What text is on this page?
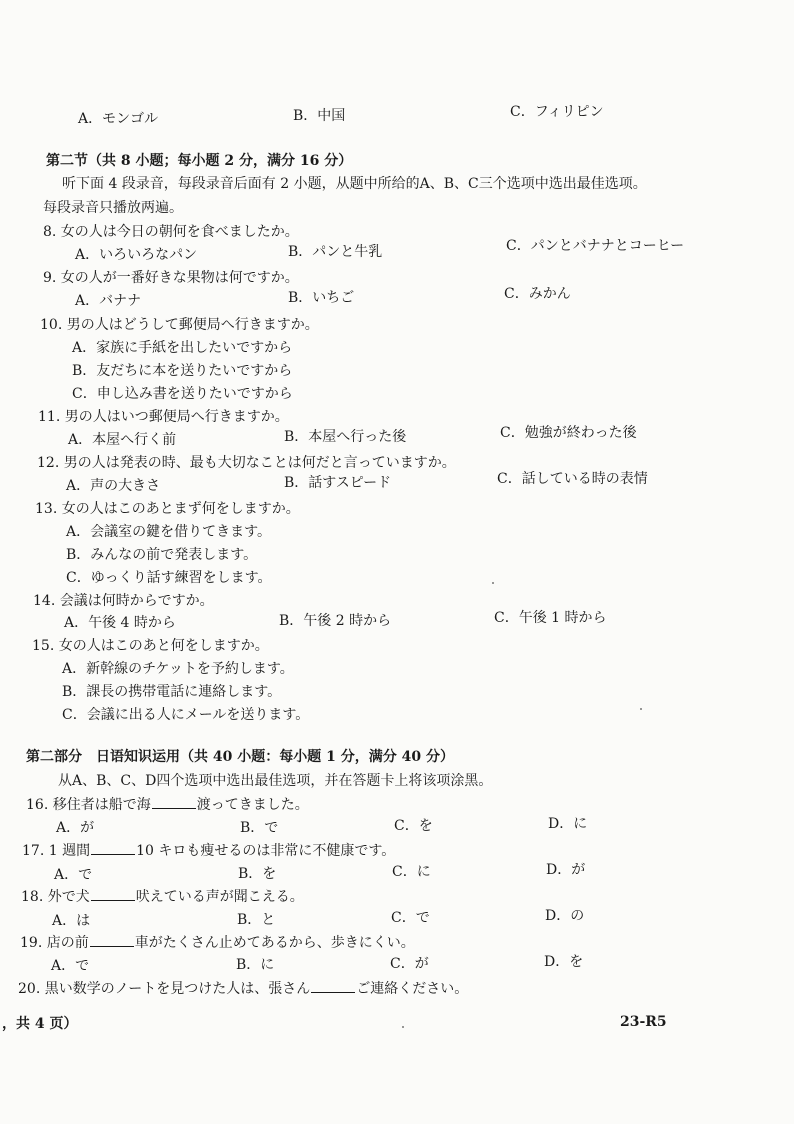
A．モンゴル	B．中国	C．フィリピン
第二节（共 8 小题；每小题 2 分，满分 16 分）
听下面 4 段录音，每段录音后面有 2 小题，从题中所给的A、B、C三个选项中选出最佳选项。
每段录音只播放两遍。
8. 女の人は今日の朝何を食べましたか。
A．いろいろなパン	B．パンと牛乳	C．パンとバナナとコーヒー
9. 女の人が一番好きな果物は何ですか。
A．バナナ	B．いちご	C．みかん
10. 男の人はどうして郵便局へ行きますか。
A．家族に手紙を出したいですから
B．友だちに本を送りたいですから
C．申し込み書を送りたいですから
11. 男の人はいつ郵便局へ行きますか。
A．本屋へ行く前	B．本屋へ行った後	C．勉強が終わった後
12. 男の人は発表の時、最も大切なことは何だと言っていますか。
A．声の大きさ	B．話すスピード	C．話している時の表情
13. 女の人はこのあとまず何をしますか。
A．会議室の鍵を借りてきます。
B．みんなの前で発表します。
C．ゆっくり話す練習をします。
14. 会議は何時からですか。
A．午後 4 時から	B．午後 2 時から	C．午後 1 時から
15. 女の人はこのあと何をしますか。
A．新幹線のチケットを予約します。
B．課長の携帯電話に連絡します。
C．会議に出る人にメールを送ります。
第二部分　日语知识运用（共 40 小题：每小题 1 分，满分 40 分）
从A、B、C、D四个选项中选出最佳选项，并在答题卡上将该项涂黑。
16. 移住者は船で海	渡ってきました。
A．が	B．で	C．を	D．に
17. 1 週間	10 キロも痩せるのは非常に不健康です。
A．で	B．を	C．に	D．が
18. 外で犬	吠えている声が聞こえる。
A．は	B．と	C．で	D．の
19. 店の前	車がたくさん止めてあるから、歩きにくい。
A．で	B．に	C．が	D．を
20. 黒い数学のノートを見つけた人は、張さん	ご連絡ください。
，共 4 页）	23-R5
